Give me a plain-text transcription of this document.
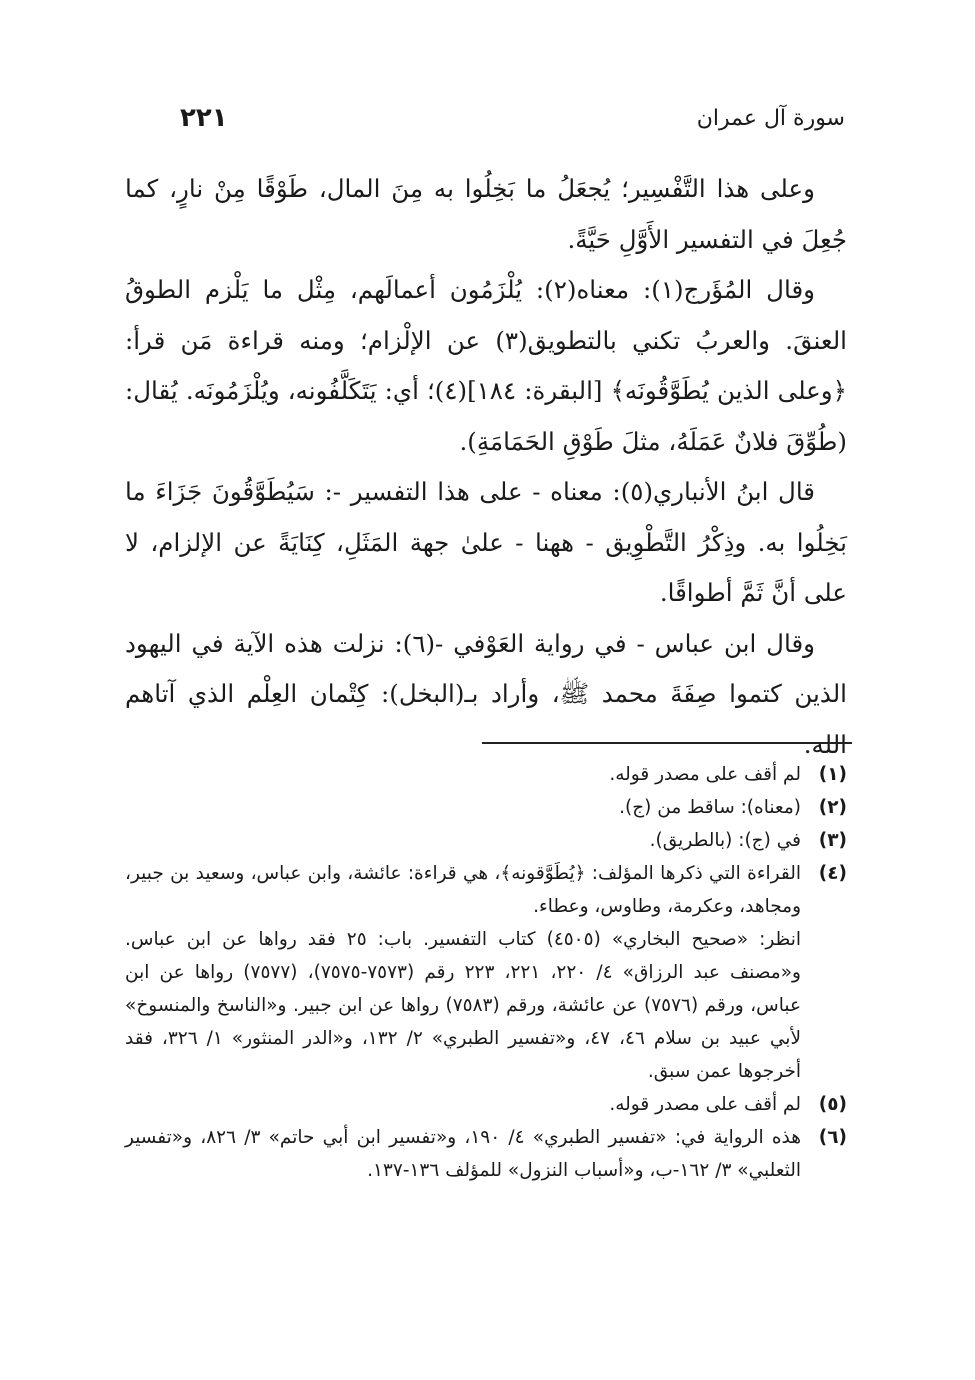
سورة آل عمران
٢٢١

وعلى هذا التَّفْسِير؛ يُجعَلُ ما بَخِلُوا به مِنَ المال، طَوْقًا مِنْ نارٍ، كما جُعِلَ في التفسير الأَوَّلِ حَيَّةً.

وقال المُؤَرج(١): معناه(٢): يُلْزَمُون أعمالَهم، مِثْل ما يَلْزم الطوقُ العنقَ. والعربُ تكني بالتطويق(٣) عن الإلْزام؛ ومنه قراءة مَن قرأ: ﴿وعلى الذين يُطَوَّقُونَه﴾ [البقرة: ١٨٤](٤)؛ أي: يَتَكَلَّفُونه، ويُلْزَمُونَه. يُقال: (طُوِّقَ فلانٌ عَمَلَهُ، مثلَ طَوْقِ الحَمَامَةِ).

قال ابنُ الأنباري(٥): معناه - على هذا التفسير -: سَيُطَوَّقُونَ جَزَاءَ ما بَخِلُوا به. وذِكْرُ التَّطْوِيق - ههنا - علىٰ جهة المَثَلِ، كِنَايَةً عن الإلزام، لا على أنَّ ثَمَّ أطواقًا.

وقال ابن عباس - في رواية العَوْفي -(٦): نزلت هذه الآية في اليهود الذين كتموا صِفَةَ محمد ﷺ، وأراد بـ(البخل): كِتْمان العِلْم الذي آتاهم الله.

(١)
لم أقف على مصدر قوله.
(٢)
(معناه): ساقط من (ج).
(٣)
في (ج): (بالطريق).
(٤)
القراءة التي ذكرها المؤلف: ﴿يُطَوَّقونه﴾، هي قراءة: عائشة، وابن عباس، وسعيد بن جبير، ومجاهد، وعكرمة، وطاوس، وعطاء.
انظر: «صحيح البخاري» (٤٥٠٥) كتاب التفسير. باب: ٢٥ فقد رواها عن ابن عباس. و«مصنف عبد الرزاق» ٤/ ٢٢٠، ٢٢١، ٢٢٣ رقم (٧٥٧٣-٧٥٧٥)، (٧٥٧٧) رواها عن ابن عباس، ورقم (٧٥٧٦) عن عائشة، ورقم (٧٥٨٣) رواها عن ابن جبير. و«الناسخ والمنسوخ» لأبي عبيد بن سلام ٤٦، ٤٧، و«تفسير الطبري» ٢/ ١٣٢، و«الدر المنثور» ١/ ٣٢٦، فقد أخرجوها عمن سبق.
(٥)
لم أقف على مصدر قوله.
(٦)
هذه الرواية في: «تفسير الطبري» ٤/ ١٩٠، و«تفسير ابن أبي حاتم» ٣/ ٨٢٦، و«تفسير الثعلبي» ٣/ ١٦٢-ب، و«أسباب النزول» للمؤلف ١٣٦-١٣٧.
